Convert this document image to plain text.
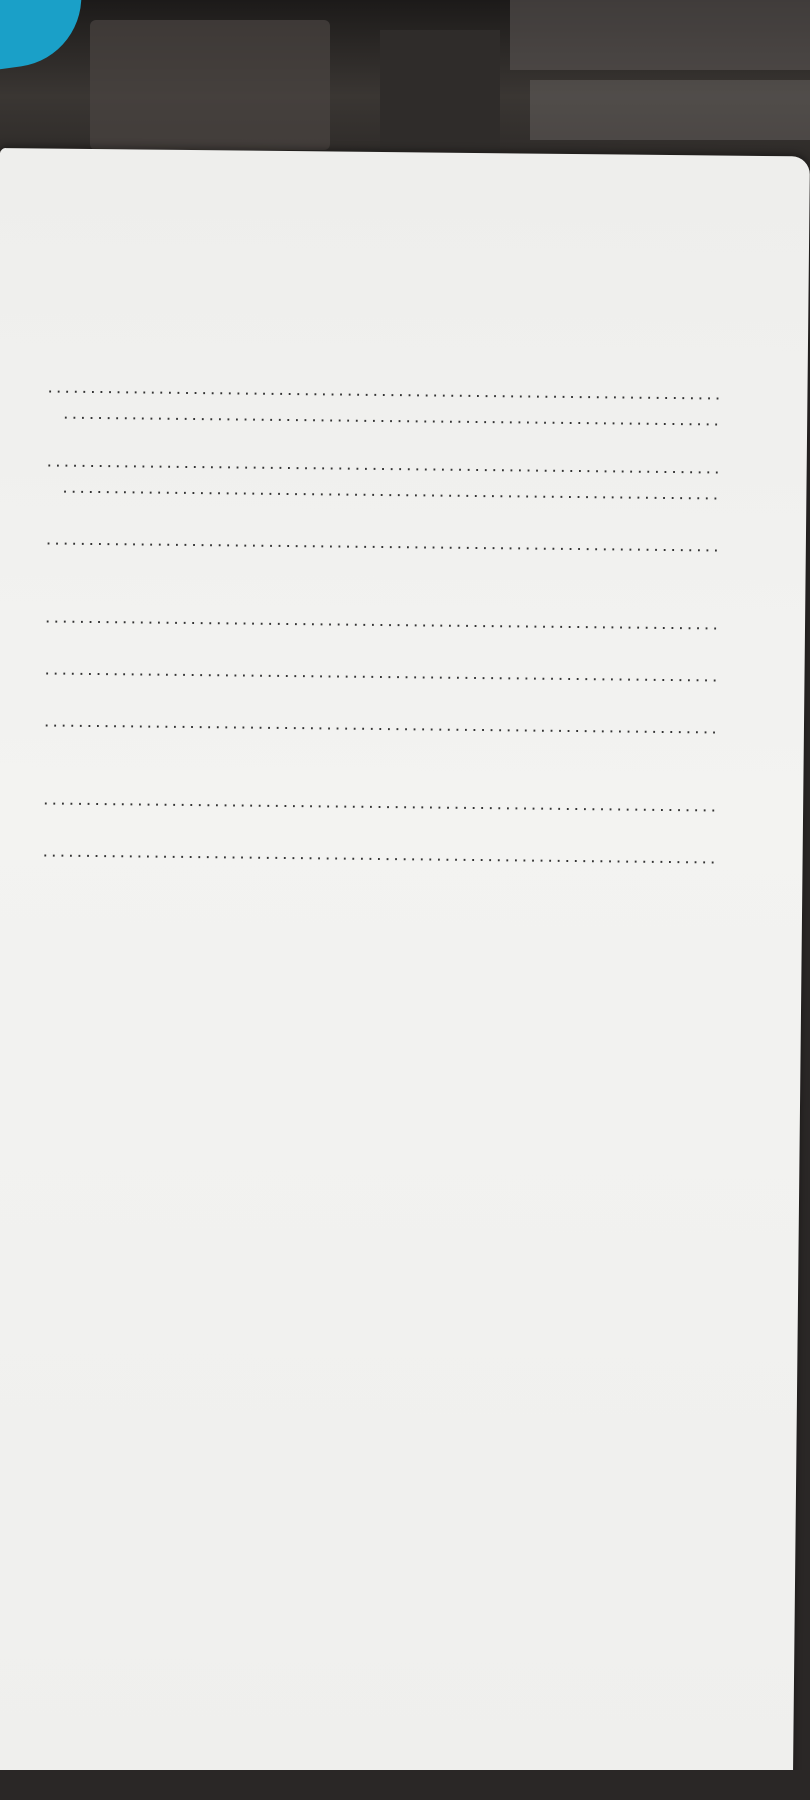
. . .
. . .
. . .
. . .
. . .
. . .
. . .
. . .
. . .
. . .
